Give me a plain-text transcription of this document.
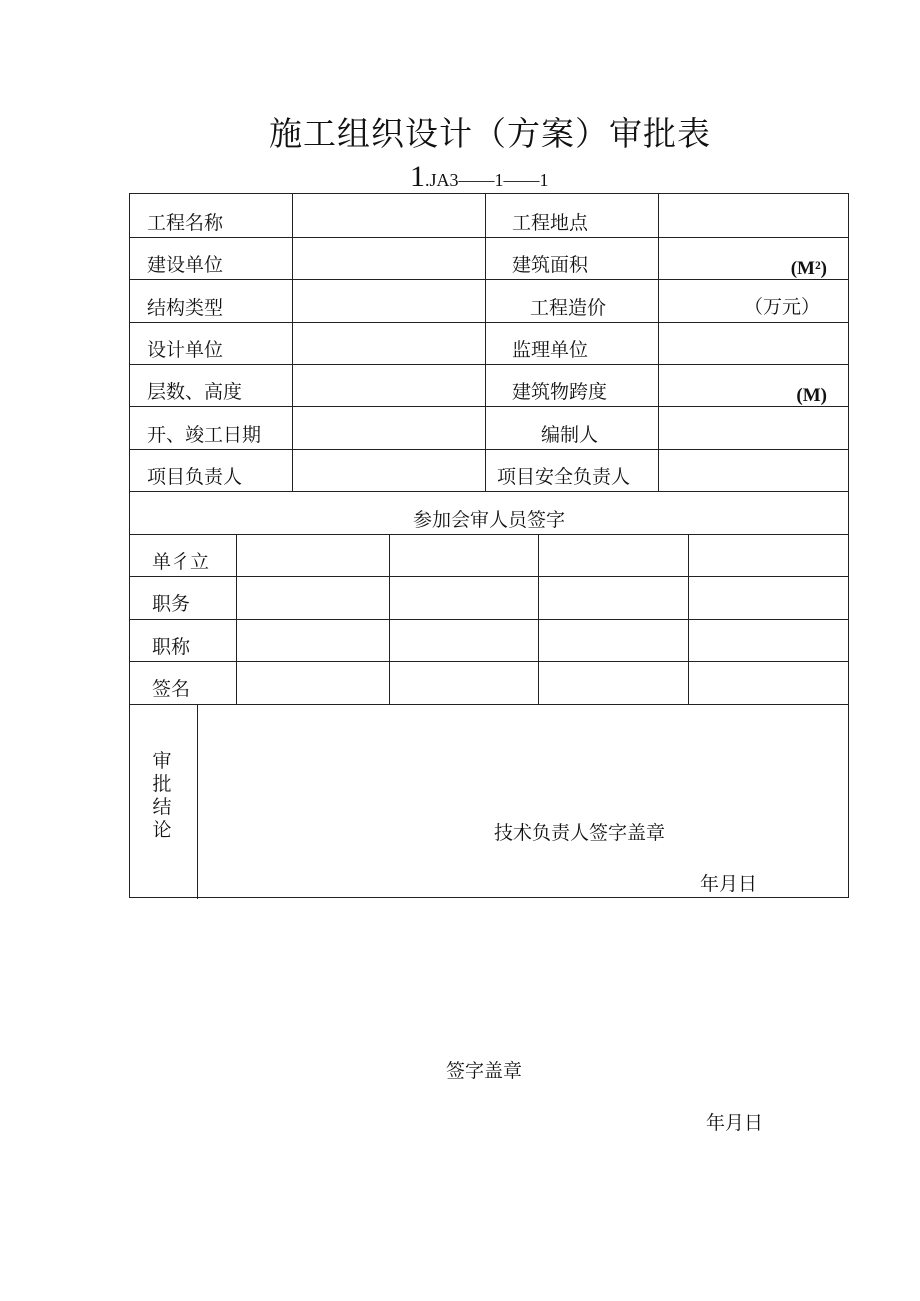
施工组织设计（方案）审批表
1.JA3——1——1
工程名称	工程地点
建设单位	建筑面积	(M²)
结构类型	工程造价	（万元）
设计单位	监理单位
层数、高度	建筑物跨度	(M)
开、竣工日期	编制人
项目负责人	项目安全负责人
参加会审人员签字
单彳立
职务
职称
签名
审
批
结
论	技术负责人签字盖章
年月日
签字盖章
年月日
